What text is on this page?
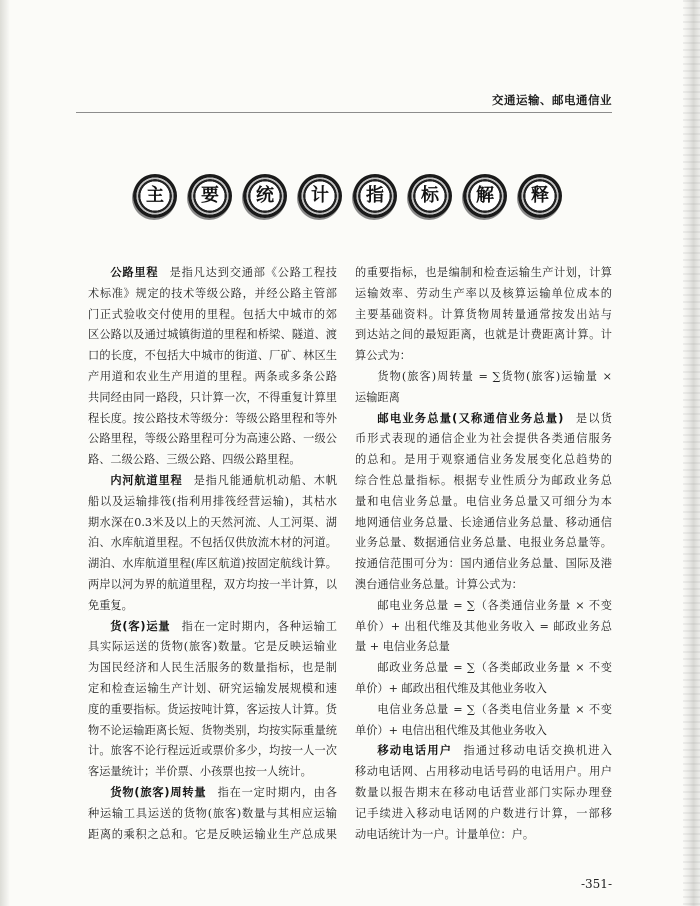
交通运输、邮电通信业
主 要 统 计 指 标 解 释
公路里程 是指凡达到交通部《公路工程技
术标准》规定的技术等级公路，并经公路主管部
门正式验收交付使用的里程。包括大中城市的郊
区公路以及通过城镇街道的里程和桥梁、隧道、渡
口的长度，不包括大中城市的街道、厂矿、林区生
产用道和农业生产用道的里程。两条或多条公路
共同经由同一路段，只计算一次，不得重复计算里
程长度。按公路技术等级分：等级公路里程和等外
公路里程，等级公路里程可分为高速公路、一级公
路、二级公路、三级公路、四级公路里程。
内河航道里程 是指凡能通航机动船、木帆
船以及运输排筏(指利用排筏经营运输)，其枯水
期水深在0.3米及以上的天然河流、人工河渠、湖
泊、水库航道里程。不包括仅供放流木材的河道。
湖泊、水库航道里程(库区航道)按固定航线计算。
两岸以河为界的航道里程，双方均按一半计算，以
免重复。
货(客)运量 指在一定时期内，各种运输工
具实际运送的货物(旅客)数量。它是反映运输业
为国民经济和人民生活服务的数量指标，也是制
定和检查运输生产计划、研究运输发展规模和速
度的重要指标。货运按吨计算，客运按人计算。货
物不论运输距离长短、货物类别，均按实际重量统
计。旅客不论行程远近或票价多少，均按一人一次
客运量统计；半价票、小孩票也按一人统计。
货物(旅客)周转量 指在一定时期内，由各
种运输工具运送的货物(旅客)数量与其相应运输
距离的乘积之总和。它是反映运输业生产总成果
的重要指标，也是编制和检查运输生产计划，计算
运输效率、劳动生产率以及核算运输单位成本的
主要基础资料。计算货物周转量通常按发出站与
到达站之间的最短距离，也就是计费距离计算。计
算公式为：
货物(旅客)周转量 = ∑货物(旅客)运输量 ×
运输距离
邮电业务总量(又称通信业务总量) 是以货
币形式表现的通信企业为社会提供各类通信服务
的总和。是用于观察通信业务发展变化总趋势的
综合性总量指标。根据专业性质分为邮政业务总
量和电信业务总量。电信业务总量又可细分为本
地网通信业务总量、长途通信业务总量、移动通信
业务总量、数据通信业务总量、电报业务总量等。
按通信范围可分为：国内通信业务总量、国际及港
澳台通信业务总量。计算公式为：
邮电业务总量 = ∑（各类通信业务量 × 不变
单价）+ 出租代维及其他业务收入 = 邮政业务总
量 + 电信业务总量
邮政业务总量 = ∑（各类邮政业务量 × 不变
单价）+ 邮政出租代维及其他业务收入
电信业务总量 = ∑（各类电信业务量 × 不变
单价）+ 电信出租代维及其他业务收入
移动电话用户 指通过移动电话交换机进入
移动电话网、占用移动电话号码的电话用户。用户
数量以报告期末在移动电话营业部门实际办理登
记手续进入移动电话网的户数进行计算，一部移
动电话统计为一户。计量单位：户。
-351-
